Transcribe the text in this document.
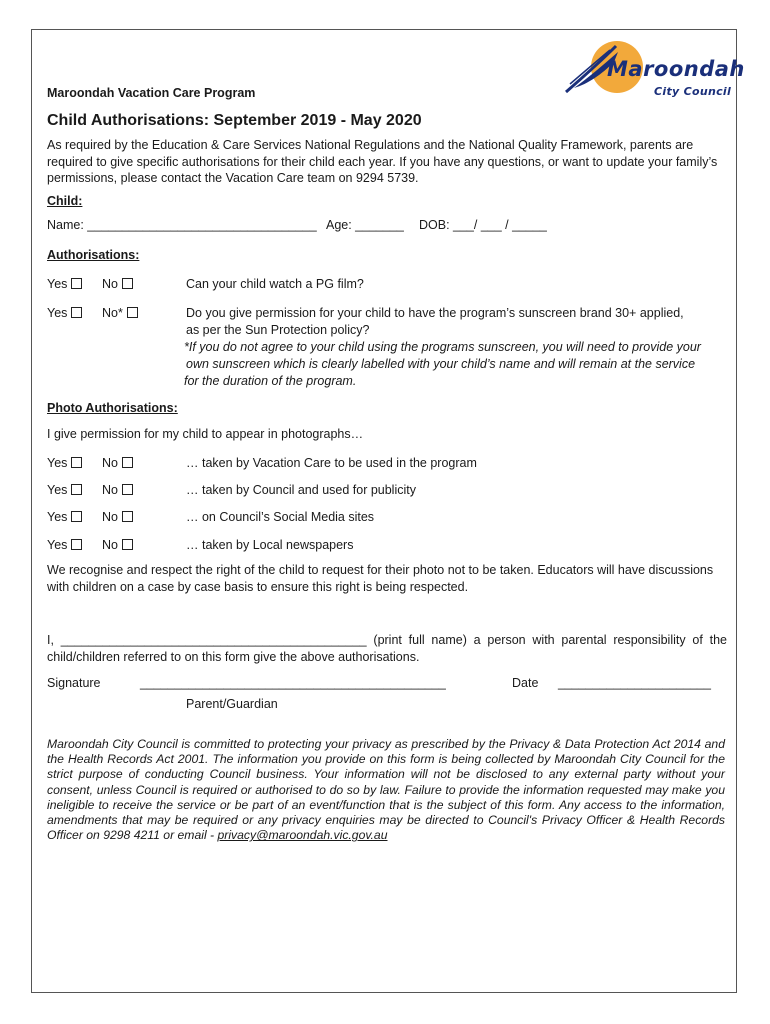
Maroondah
City Council
Maroondah Vacation Care Program
Child Authorisations: September 2019 - May 2020
As required by the Education & Care Services National Regulations and the National Quality Framework, parents are required to give specific authorisations for their child each year. If you have any questions, or want to update your family’s permissions, please contact the Vacation Care team on 9294 5739.
Child:
Name: _________________________________ Age: _______ DOB: ___/ ___ / _____
Authorisations:
Yes	No	Can your child watch a PG film?
Yes	No*	Do you give permission for your child to have the program’s sunscreen brand 30+ applied,
as per the Sun Protection policy?
*If you do not agree to your child using the programs sunscreen, you will need to provide your
own sunscreen which is clearly labelled with your child’s name and will remain at the service
for the duration of the program.
Photo Authorisations:
I give permission for my child to appear in photographs…
Yes	No	… taken by Vacation Care to be used in the program
Yes	No	… taken by Council and used for publicity
Yes	No	… on Council’s Social Media sites
Yes	No	… taken by Local newspapers
We recognise and respect the right of the child to request for their photo not to be taken. Educators will have discussions with children on a case by case basis to ensure this right is being respected.
I, ____________________________________________ (print full name) a person with parental responsibility of the child/children referred to on this form give the above authorisations.
Signature	____________________________________________	Date ______________________
Parent/Guardian
Maroondah City Council is committed to protecting your privacy as prescribed by the Privacy & Data Protection Act 2014 and the Health Records Act 2001. The information you provide on this form is being collected by Maroondah City Council for the strict purpose of conducting Council business. Your information will not be disclosed to any external party without your consent, unless Council is required or authorised to do so by law. Failure to provide the information requested may make you ineligible to receive the service or be part of an event/function that is the subject of this form. Any access to the information, amendments that may be required or any privacy enquiries may be directed to Council's Privacy Officer & Health Records Officer on 9298 4211 or email - privacy@maroondah.vic.gov.au
